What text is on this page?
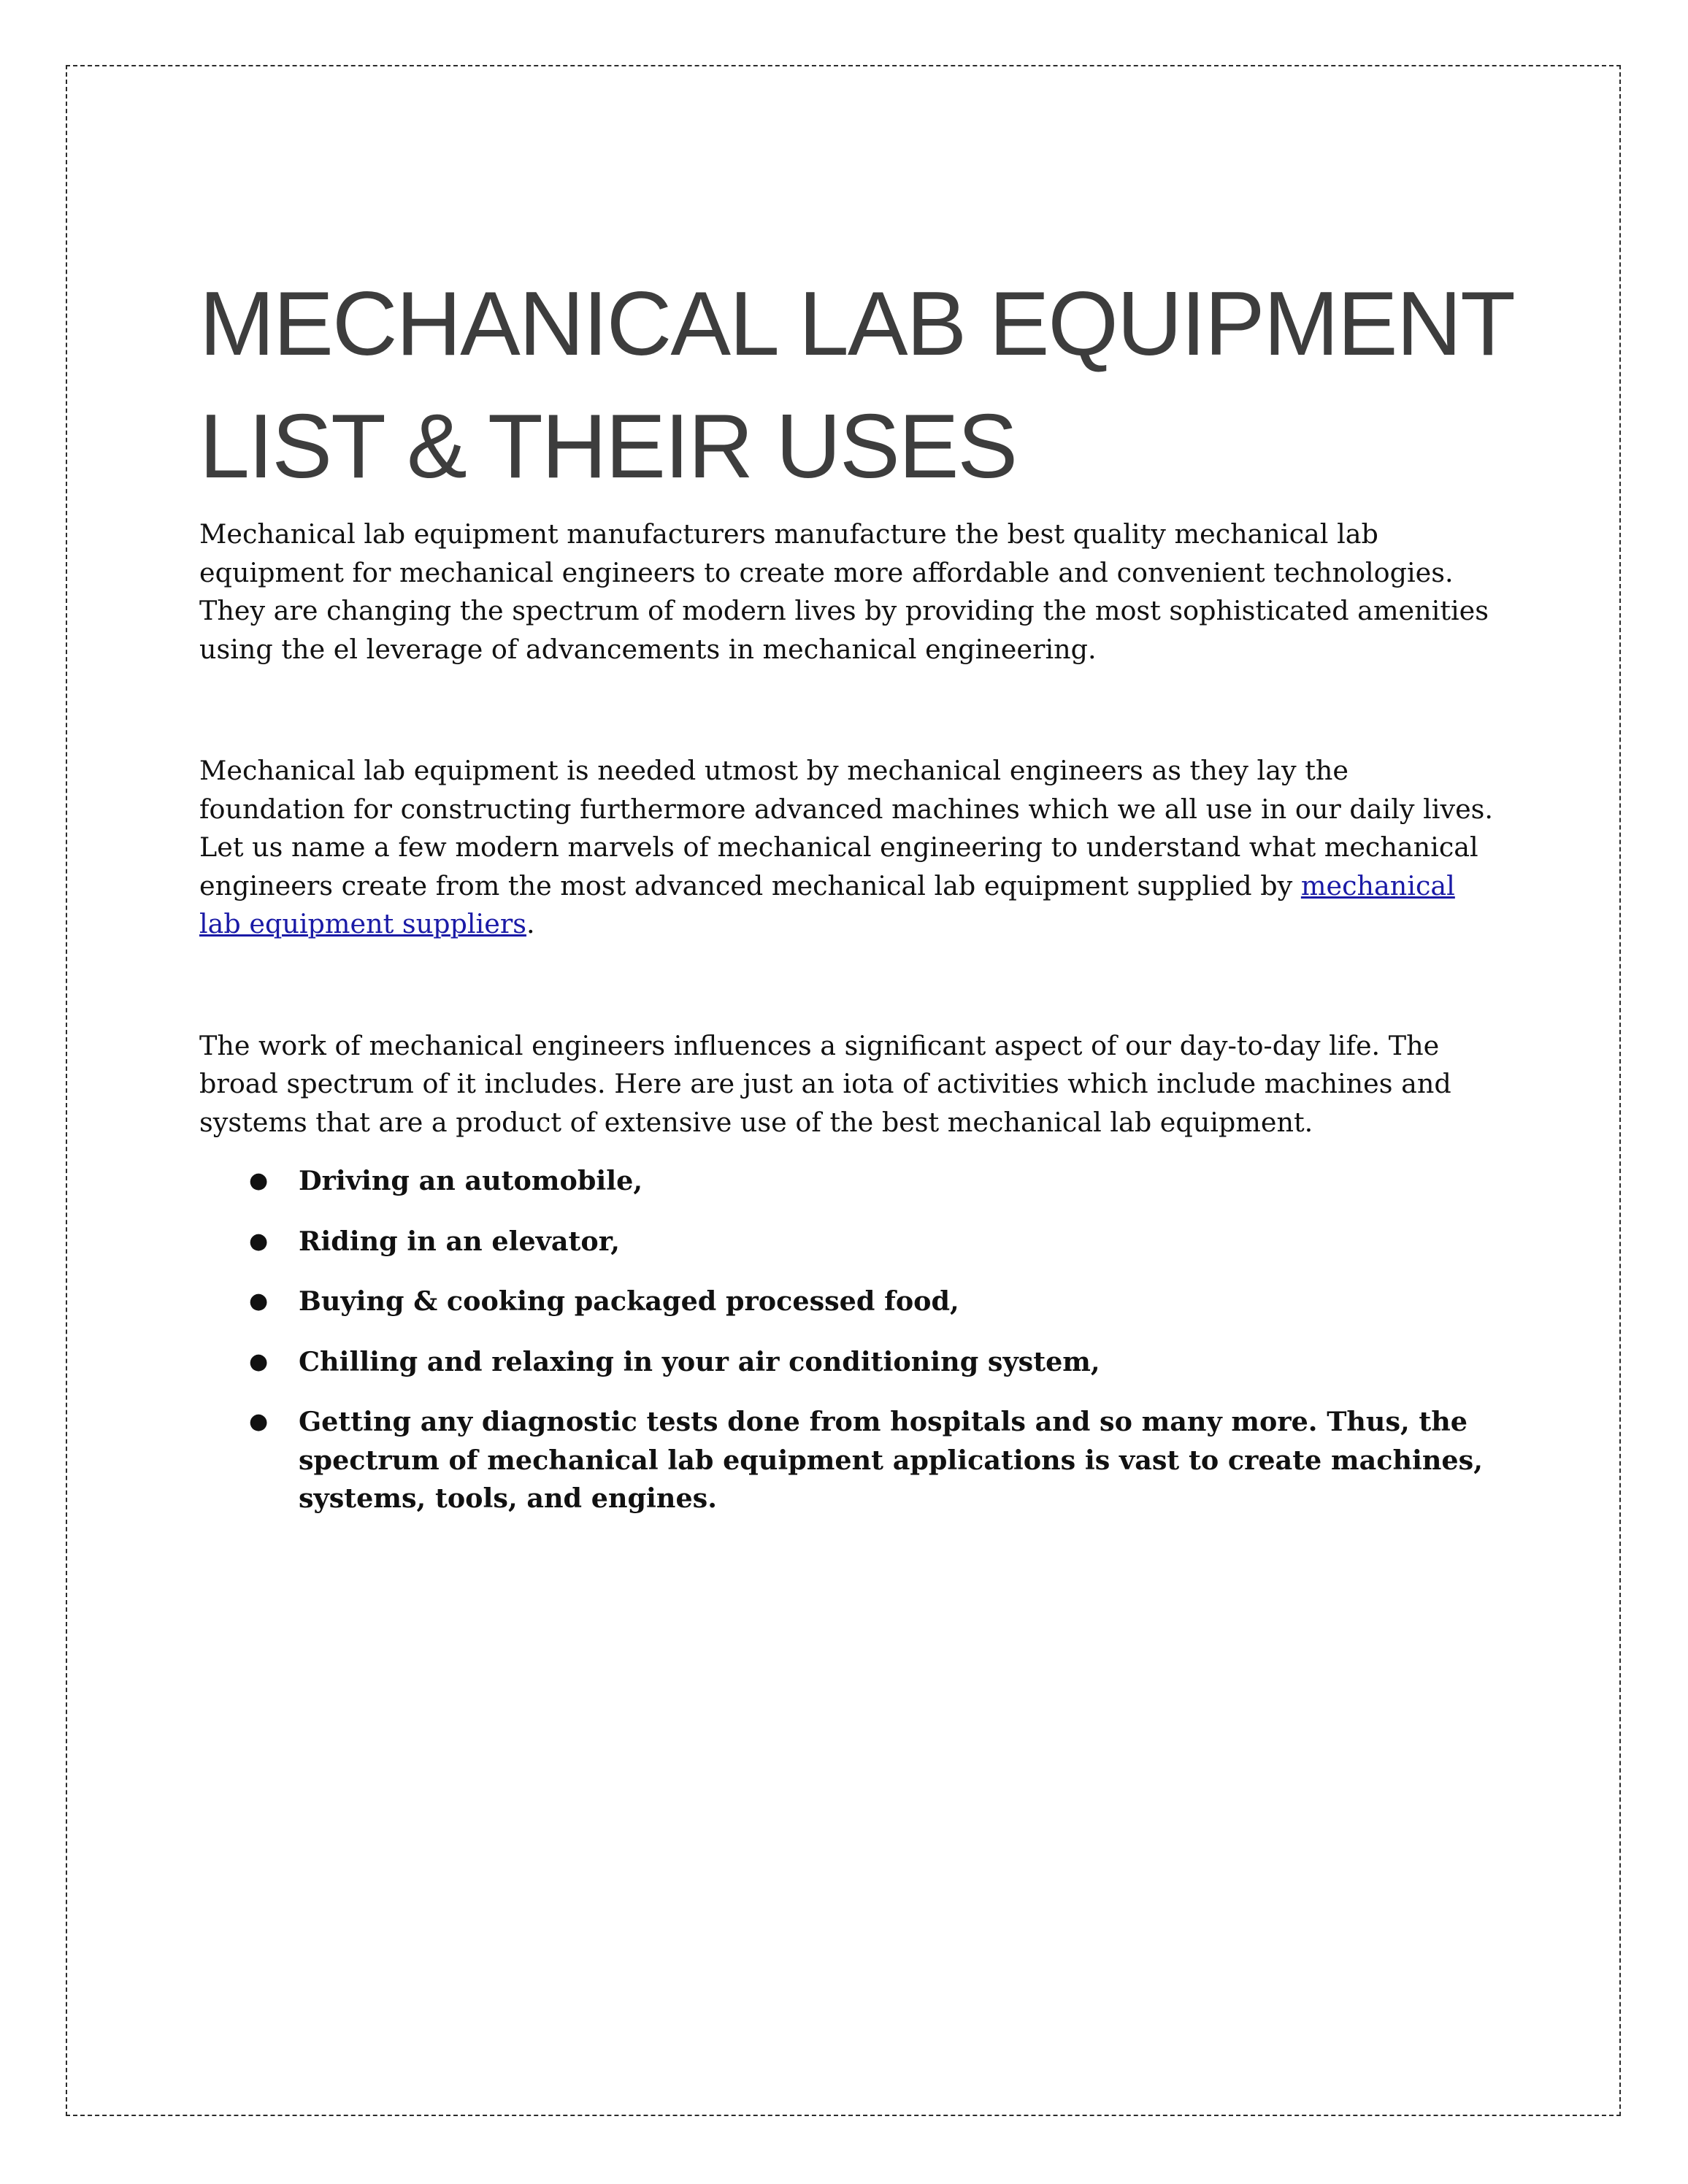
MECHANICAL LAB EQUIPMENT
LIST & THEIR USES

Mechanical lab equipment manufacturers manufacture the best quality mechanical lab equipment for mechanical engineers to create more affordable and convenient technologies. They are changing the spectrum of modern lives by providing the most sophisticated amenities using the el leverage of advancements in mechanical engineering.

Mechanical lab equipment is needed utmost by mechanical engineers as they lay the foundation for constructing furthermore advanced machines which we all use in our daily lives. Let us name a few modern marvels of mechanical engineering to understand what mechanical engineers create from the most advanced mechanical lab equipment supplied by mechanical lab equipment suppliers.

The work of mechanical engineers influences a significant aspect of our day-to-day life. The broad spectrum of it includes. Here are just an iota of activities which include machines and systems that are a product of extensive use of the best mechanical lab equipment.

● Driving an automobile,
● Riding in an elevator,
● Buying & cooking packaged processed food,
● Chilling and relaxing in your air conditioning system,
● Getting any diagnostic tests done from hospitals and so many more. Thus, the spectrum of mechanical lab equipment applications is vast to create machines, systems, tools, and engines.
